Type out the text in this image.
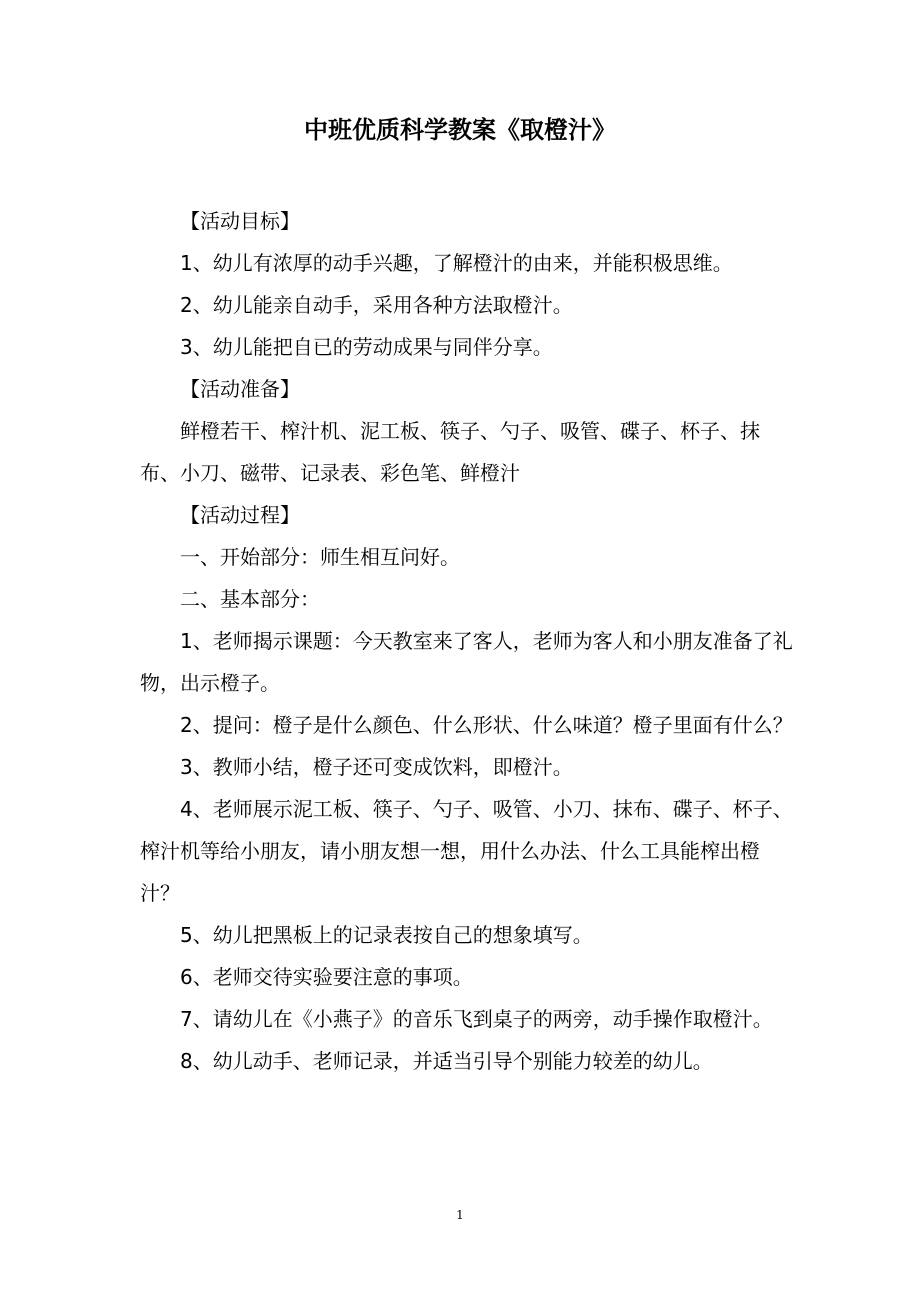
中班优质科学教案《取橙汁》

【活动目标】

1、幼儿有浓厚的动手兴趣，了解橙汁的由来，并能积极思维。

2、幼儿能亲自动手，采用各种方法取橙汁。

3、幼儿能把自已的劳动成果与同伴分享。

【活动准备】

鲜橙若干、榨汁机、泥工板、筷子、勺子、吸管、碟子、杯子、抹布、小刀、磁带、记录表、彩色笔、鲜橙汁

【活动过程】

一、开始部分：师生相互问好。

二、基本部分：

1、老师揭示课题：今天教室来了客人，老师为客人和小朋友准备了礼物，出示橙子。

2、提问：橙子是什么颜色、什么形状、什么味道？橙子里面有什么？

3、教师小结，橙子还可变成饮料，即橙汁。

4、老师展示泥工板、筷子、勺子、吸管、小刀、抹布、碟子、杯子、榨汁机等给小朋友，请小朋友想一想，用什么办法、什么工具能榨出橙汁？

5、幼儿把黑板上的记录表按自己的想象填写。

6、老师交待实验要注意的事项。

7、请幼儿在《小燕子》的音乐飞到桌子的两旁，动手操作取橙汁。

8、幼儿动手、老师记录，并适当引导个别能力较差的幼儿。

1
